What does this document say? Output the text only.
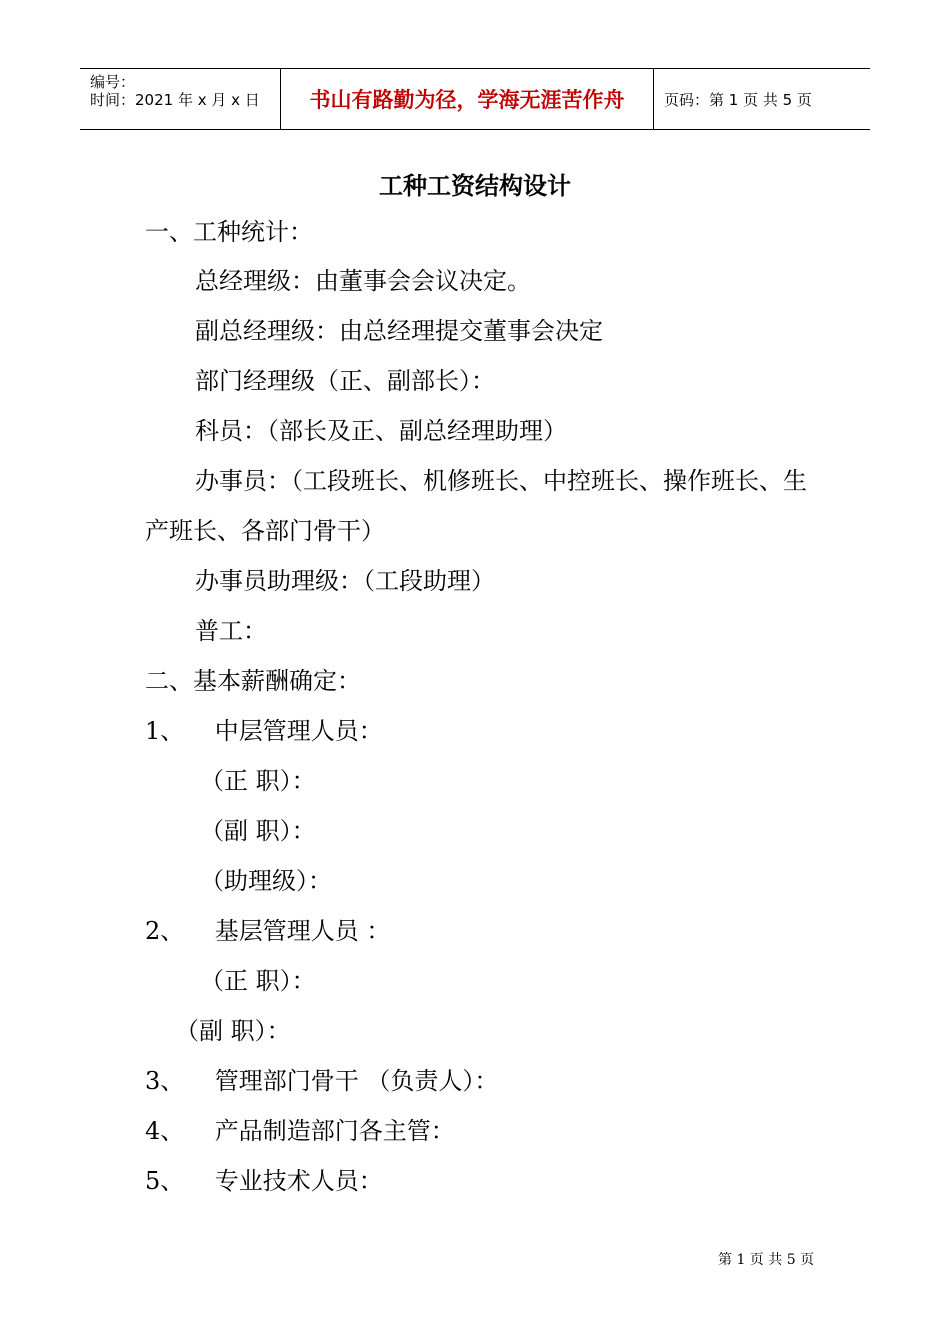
编号：
时间：2021 年 x 月 x 日 书山有路勤为径，学海无涯苦作舟	页码：第 1 页 共 5 页
工种工资结构设计
一、工种统计：
总经理级：由董事会会议决定。
副总经理级：由总经理提交董事会决定
部门经理级（正、副部长）：
科员：（部长及正、副总经理助理）
办事员：（工段班长、机修班长、中控班长、操作班长、生
产班长、各部门骨干）
办事员助理级：（工段助理）
普工：
二、基本薪酬确定：
1、    中层管理人员：
（正 职）：
（副 职）：
（助理级）：
2、    基层管理人员 ：
（正 职）：
（副 职）：
3、    管理部门骨干 （负责人）：
4、    产品制造部门各主管：
5、    专业技术人员：
第 1 页 共 5 页
